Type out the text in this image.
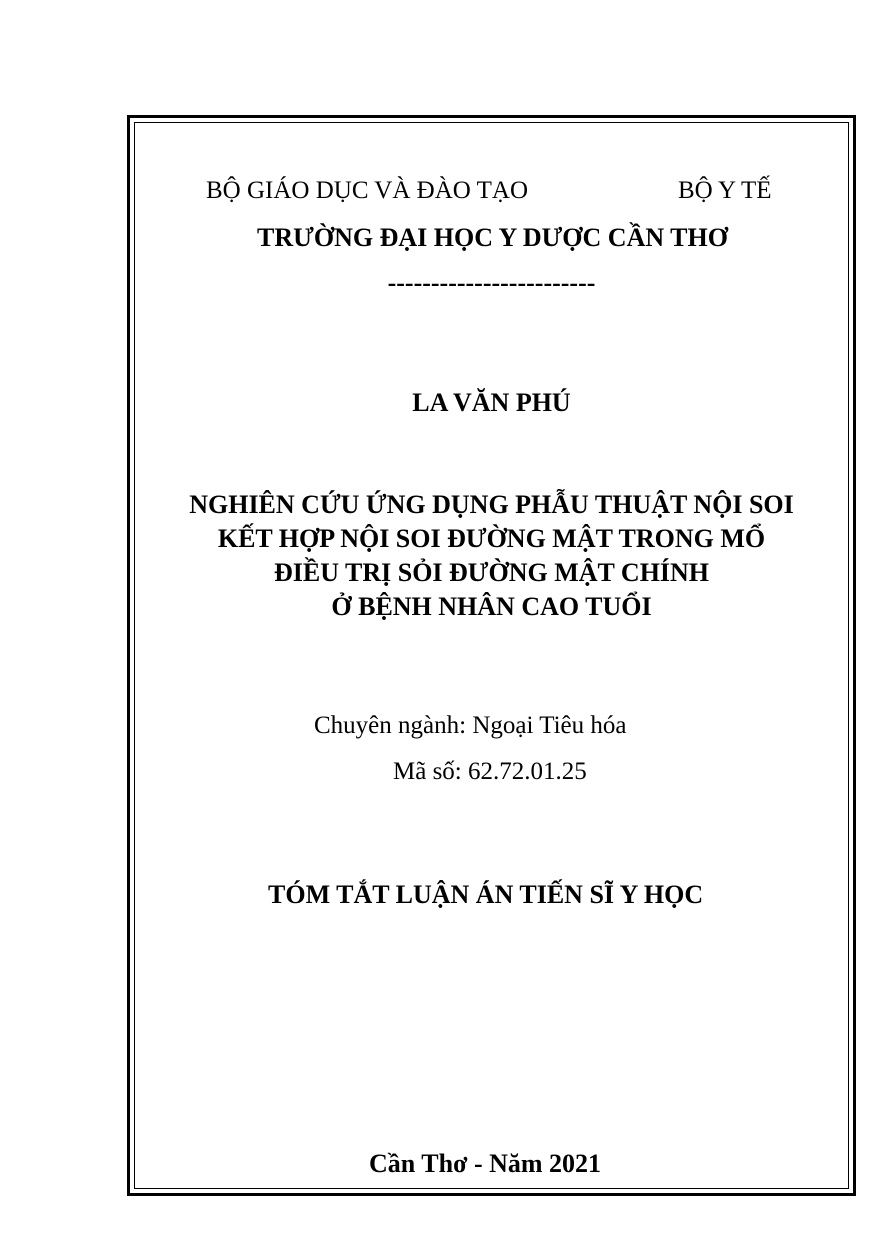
BỘ GIÁO DỤC VÀ ĐÀO TẠO	BỘ Y TẾ
TRƯỜNG ĐẠI HỌC Y DƯỢC CẦN THƠ
------------------------
LA VĂN PHÚ
NGHIÊN CỨU ỨNG DỤNG PHẪU THUẬT NỘI SOI
KẾT HỢP NỘI SOI ĐƯỜNG MẬT TRONG MỔ
ĐIỀU TRỊ SỎI ĐƯỜNG MẬT CHÍNH
Ở BỆNH NHÂN CAO TUỔI
Chuyên ngành: Ngoại Tiêu hóa
Mã số: 62.72.01.25
TÓM TẮT LUẬN ÁN TIẾN SĨ Y HỌC
Cần Thơ - Năm 2021
